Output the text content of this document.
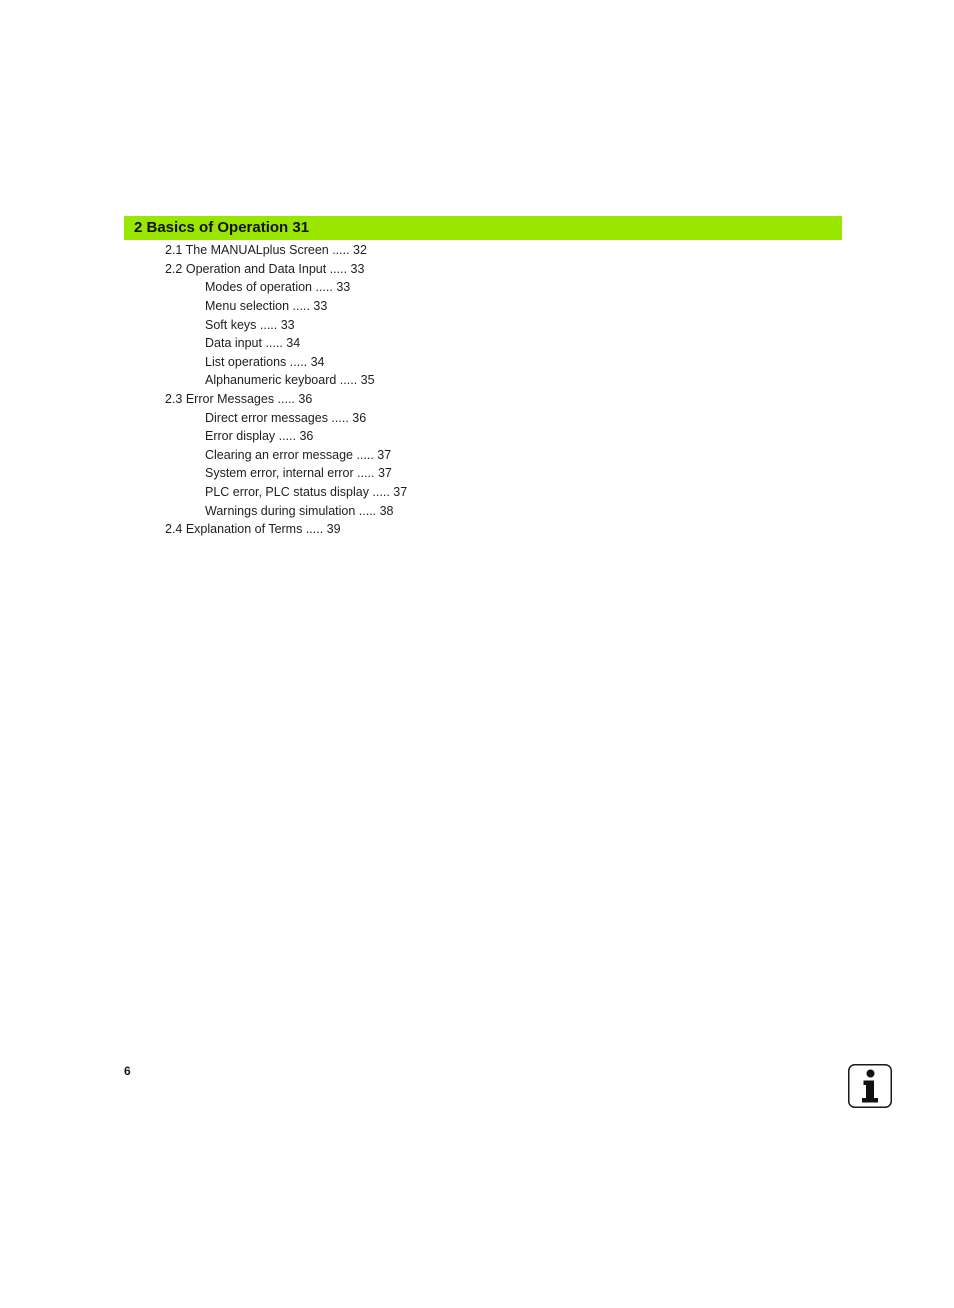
2 Basics of Operation 31
2.1 The MANUALplus Screen ..... 32
2.2 Operation and Data Input ..... 33
Modes of operation ..... 33
Menu selection ..... 33
Soft keys ..... 33
Data input ..... 34
List operations ..... 34
Alphanumeric keyboard ..... 35
2.3 Error Messages ..... 36
Direct error messages ..... 36
Error display ..... 36
Clearing an error message ..... 37
System error, internal error ..... 37
PLC error, PLC status display ..... 37
Warnings during simulation ..... 38
2.4 Explanation of Terms ..... 39
6
